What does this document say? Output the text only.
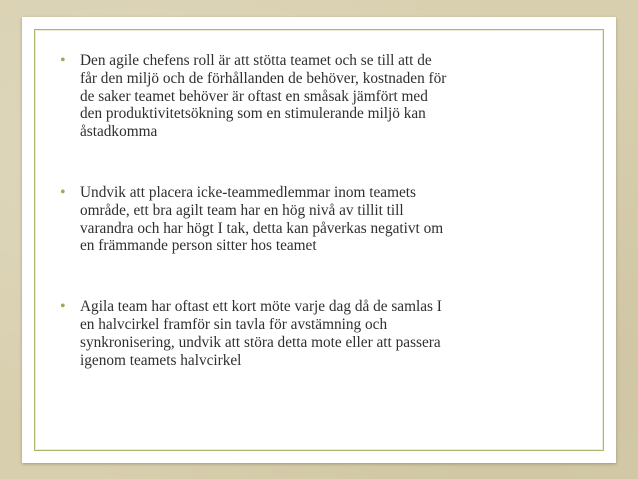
• Den agile chefens roll är att stötta teamet och se till att de
får den miljö och de förhållanden de behöver, kostnaden för
de saker teamet behöver är oftast en småsak jämfört med
den produktivitetsökning som en stimulerande miljö kan
åstadkomma
• Undvik att placera icke-teammedlemmar inom teamets
område, ett bra agilt team har en hög nivå av tillit till
varandra och har högt I tak, detta kan påverkas negativt om
en främmande person sitter hos teamet
• Agila team har oftast ett kort möte varje dag då de samlas I
en halvcirkel framför sin tavla för avstämning och
synkronisering, undvik att störa detta mote eller att passera
igenom teamets halvcirkel
